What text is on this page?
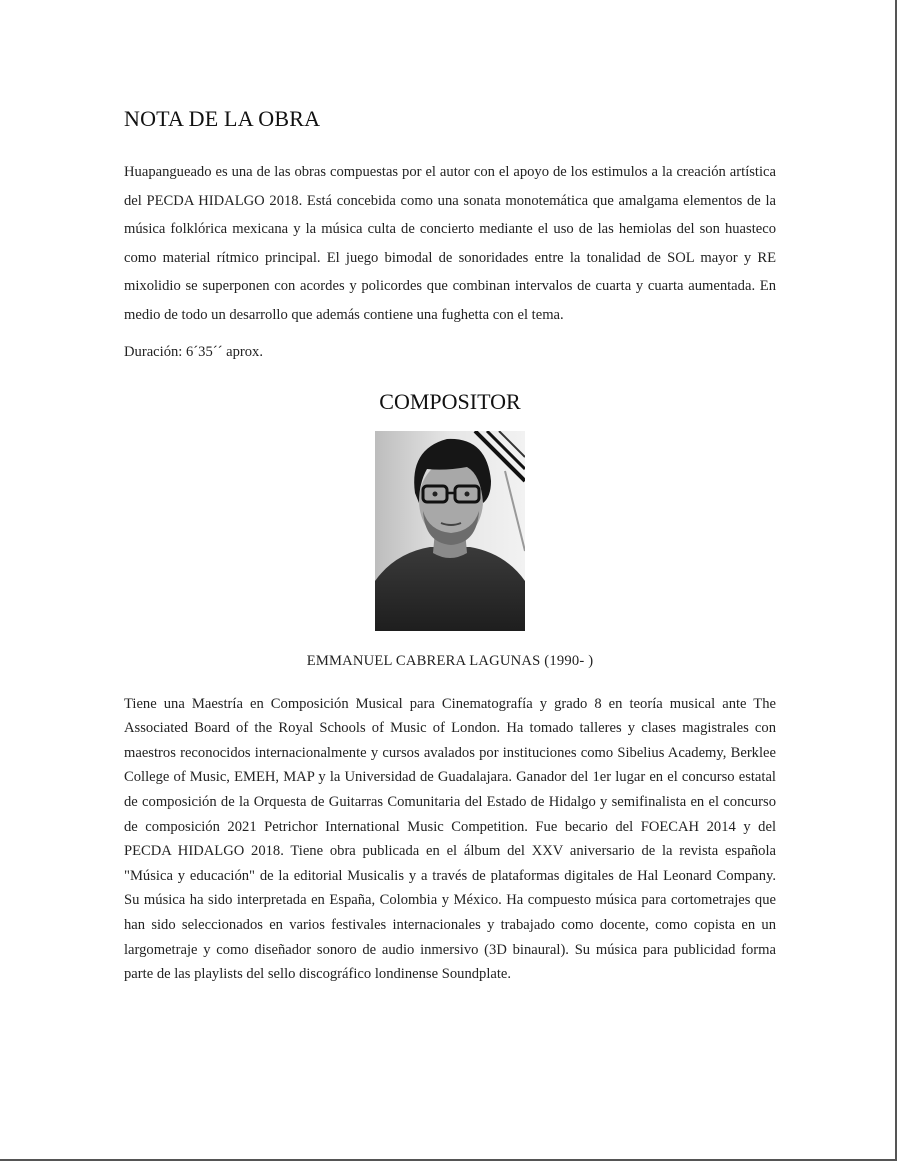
NOTA DE LA OBRA

Huapangueado es una de las obras compuestas por el autor con el apoyo de los estimulos a la creación artística del PECDA HIDALGO 2018. Está concebida como una sonata monotemática que amalgama elementos de la música folklórica mexicana y la música culta de concierto mediante el uso de las hemiolas del son huasteco como material rítmico principal. El juego bimodal de sonoridades entre la tonalidad de SOL mayor y RE mixolidio se superponen con acordes y policordes que combinan intervalos de cuarta y cuarta aumentada. En medio de todo un desarrollo que además contiene una fughetta con el tema.

Duración: 6´35´´ aprox.

COMPOSITOR
EMMANUEL CABRERA LAGUNAS (1990- )

Tiene una Maestría en Composición Musical para Cinematografía y grado 8 en teoría musical ante The Associated Board of the Royal Schools of Music of London. Ha tomado talleres y clases magistrales con maestros reconocidos internacionalmente y cursos avalados por instituciones como Sibelius Academy, Berklee College of Music, EMEH, MAP y la Universidad de Guadalajara. Ganador del 1er lugar en el concurso estatal de composición de la Orquesta de Guitarras Comunitaria del Estado de Hidalgo y semifinalista en el concurso de composición 2021 Petrichor International Music Competition. Fue becario del FOECAH 2014 y del PECDA HIDALGO 2018. Tiene obra publicada en el álbum del XXV aniversario de la revista española "Música y educación" de la editorial Musicalis y a través de plataformas digitales de Hal Leonard Company. Su música ha sido interpretada en España, Colombia y México. Ha compuesto música para cortometrajes que han sido seleccionados en varios festivales internacionales y trabajado como docente, como copista en un largometraje y como diseñador sonoro de audio inmersivo (3D binaural). Su música para publicidad forma parte de las playlists del sello discográfico londinense Soundplate.
